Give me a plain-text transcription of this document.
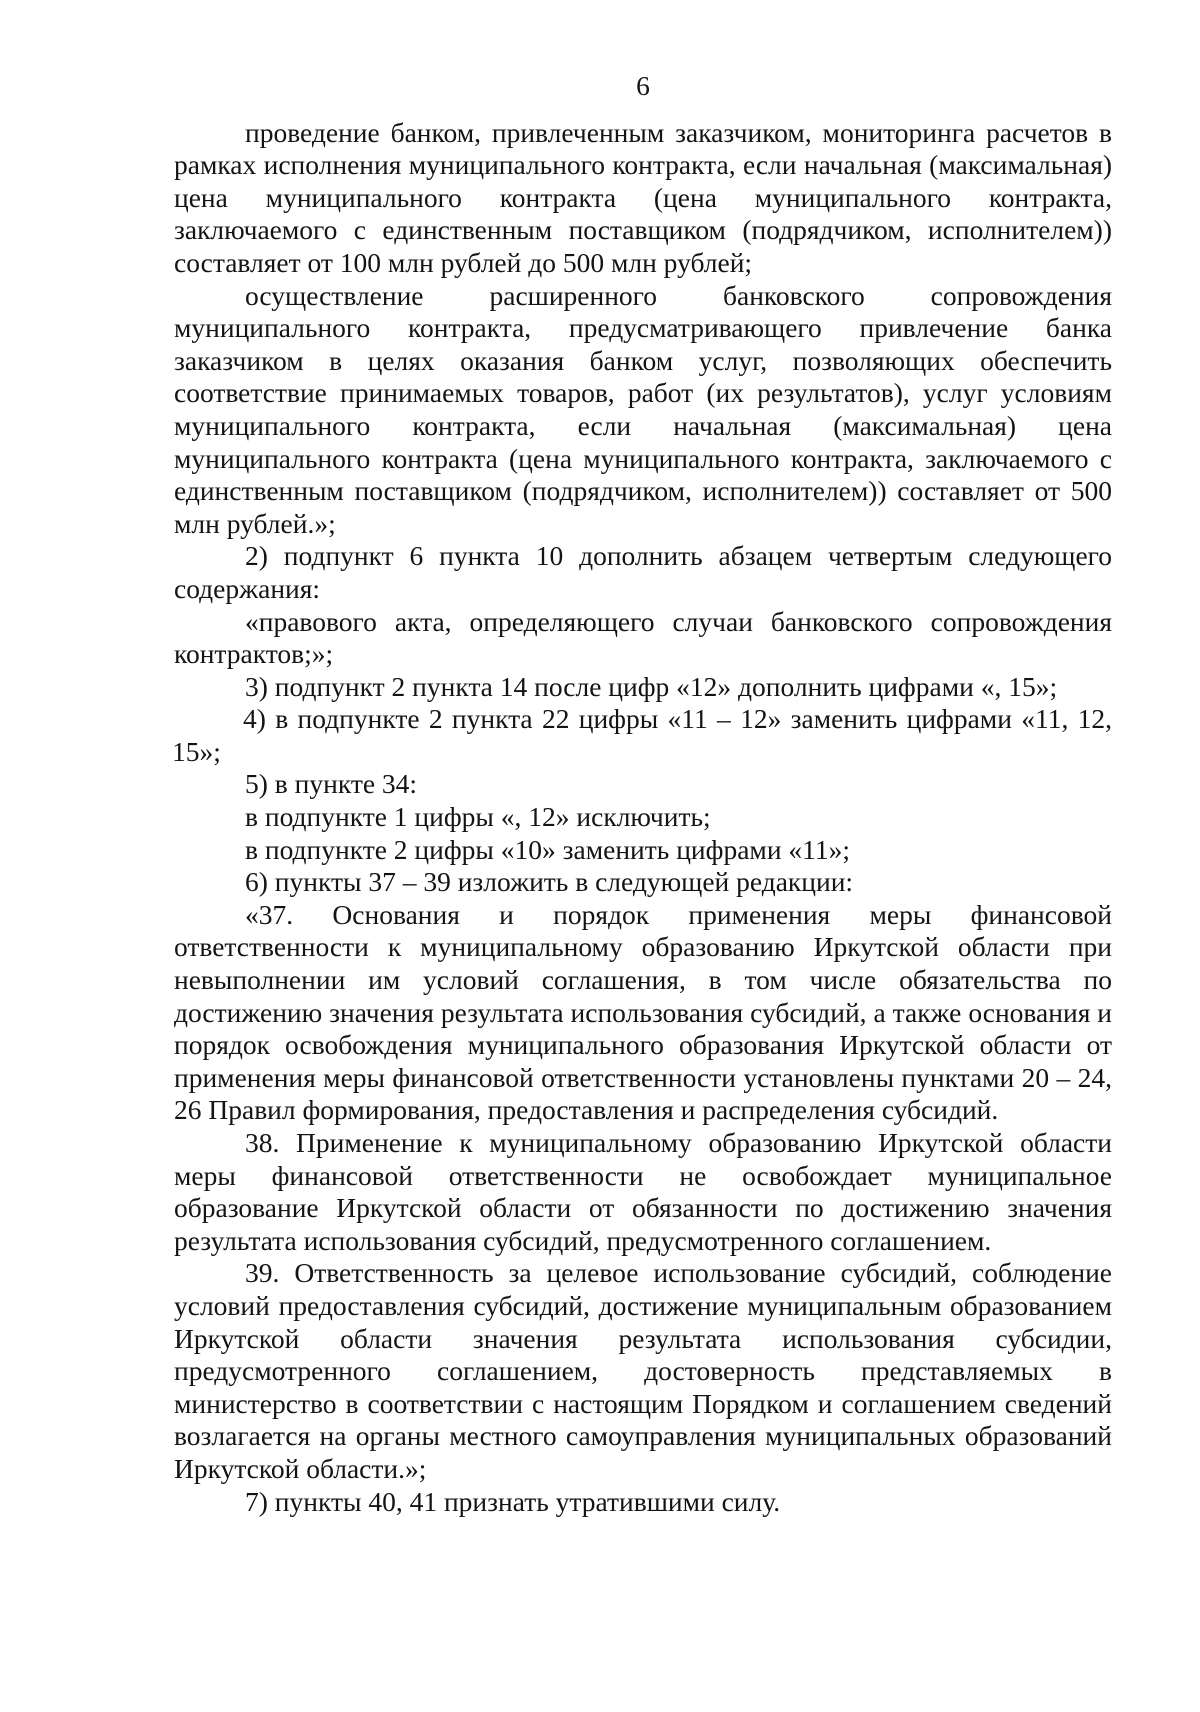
6

проведение банком, привлеченным заказчиком, мониторинга расчетов в рамках исполнения муниципального контракта, если начальная (максимальная) цена муниципального контракта (цена муниципального контракта, заключаемого с единственным поставщиком (подрядчиком, исполнителем)) составляет от 100 млн рублей до 500 млн рублей;

осуществление расширенного банковского сопровождения муниципального контракта, предусматривающего привлечение банка заказчиком в целях оказания банком услуг, позволяющих обеспечить соответствие принимаемых товаров, работ (их результатов), услуг условиям муниципального контракта, если начальная (максимальная) цена муниципального контракта (цена муниципального контракта, заключаемого с единственным поставщиком (подрядчиком, исполнителем)) составляет от 500 млн рублей.»;

2) подпункт 6 пункта 10 дополнить абзацем четвертым следующего содержания:

«правового акта, определяющего случаи банковского сопровождения контрактов;»;

3) подпункт 2 пункта 14 после цифр «12» дополнить цифрами «, 15»;

4) в подпункте 2 пункта 22 цифры «11 – 12» заменить цифрами «11, 12, 15»;

5) в пункте 34:

в подпункте 1 цифры «, 12» исключить;

в подпункте 2 цифры «10» заменить цифрами «11»;

6) пункты 37 – 39 изложить в следующей редакции:

«37. Основания и порядок применения меры финансовой ответственности к муниципальному образованию Иркутской области при невыполнении им условий соглашения, в том числе обязательства по достижению значения результата использования субсидий, а также основания и порядок освобождения муниципального образования Иркутской области от применения меры финансовой ответственности установлены пунктами 20 – 24, 26 Правил формирования, предоставления и распределения субсидий.

38. Применение к муниципальному образованию Иркутской области меры финансовой ответственности не освобождает муниципальное образование Иркутской области от обязанности по достижению значения результата использования субсидий, предусмотренного соглашением.

39. Ответственность за целевое использование субсидий, соблюдение условий предоставления субсидий, достижение муниципальным образованием Иркутской области значения результата использования субсидии, предусмотренного соглашением, достоверность представляемых в министерство в соответствии с настоящим Порядком и соглашением сведений возлагается на органы местного самоуправления муниципальных образований Иркутской области.»;

7) пункты 40, 41 признать утратившими силу.
